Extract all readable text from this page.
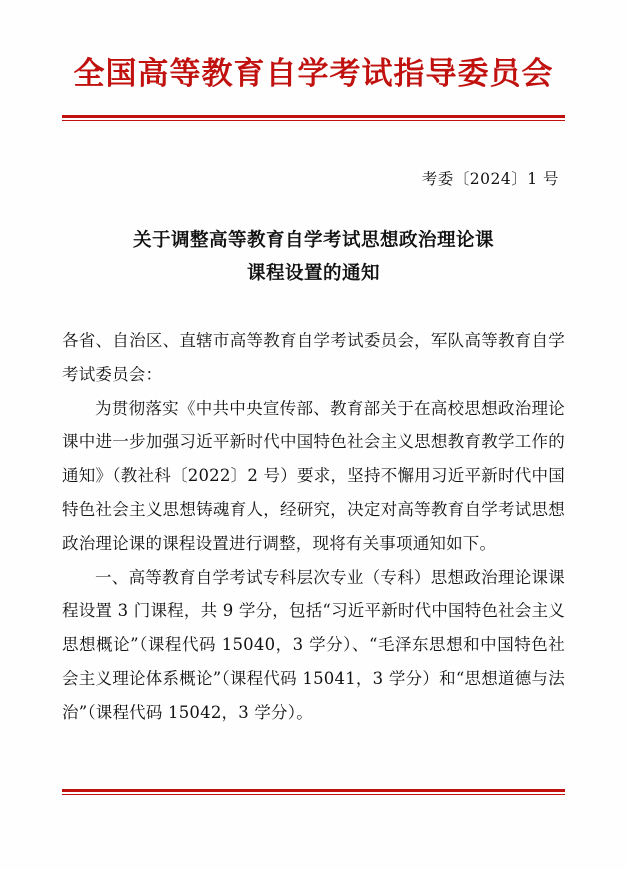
全国高等教育自学考试指导委员会
考委〔2024〕1 号
关于调整高等教育自学考试思想政治理论课
课程设置的通知

各省、自治区、直辖市高等教育自学考试委员会，军队高等教育自学考试委员会：

为贯彻落实《中共中央宣传部、教育部关于在高校思想政治理论课中进一步加强习近平新时代中国特色社会主义思想教育教学工作的通知》（教社科〔2022〕2 号）要求，坚持不懈用习近平新时代中国特色社会主义思想铸魂育人，经研究，决定对高等教育自学考试思想政治理论课的课程设置进行调整，现将有关事项通知如下。

一、高等教育自学考试专科层次专业（专科）思想政治理论课课程设置 3 门课程，共 9 学分，包括“习近平新时代中国特色社会主义思想概论”（课程代码 15040，3 学分）、“毛泽东思想和中国特色社会主义理论体系概论”（课程代码 15041，3 学分）和“思想道德与法治”（课程代码 15042，3 学分）。
